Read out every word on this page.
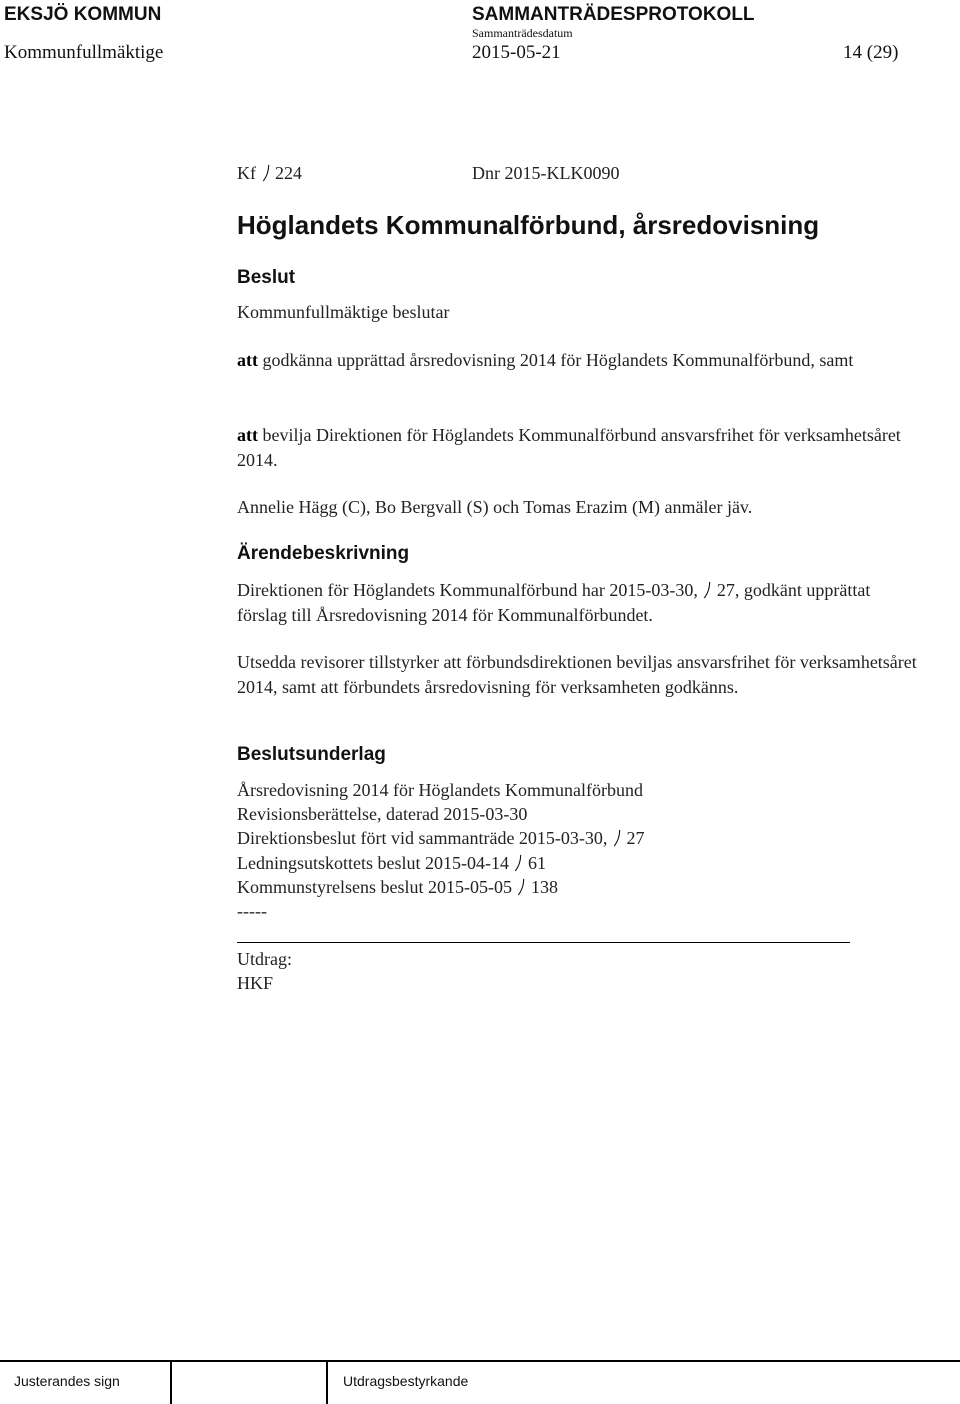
EKSJÖ KOMMUN	SAMMANTRÄDESPROTOKOLL
Sammanträdesdatum
Kommunfullmäktige	2015-05-21	14 (29)
Kf 224	Dnr 2015-KLK0090
Höglandets Kommunalförbund, årsredovisning
Beslut
Kommunfullmäktige beslutar
att godkänna upprättad årsredovisning 2014 för Höglandets Kommunalförbund, samt
att bevilja Direktionen för Höglandets Kommunalförbund ansvarsfrihet för verksamhetsåret 2014.
Annelie Hägg (C), Bo Bergvall (S) och Tomas Erazim (M) anmäler jäv.
Ärendebeskrivning
Direktionen för Höglandets Kommunalförbund har 2015-03-30, 27, godkänt upprättat förslag till Årsredovisning 2014 för Kommunalförbundet.
Utsedda revisorer tillstyrker att förbundsdirektionen beviljas ansvarsfrihet för verksamhetsåret 2014, samt att förbundets årsredovisning för verksamheten godkänns.
Beslutsunderlag
Årsredovisning 2014 för Höglandets Kommunalförbund
Revisionsberättelse, daterad 2015-03-30
Direktionsbeslut fört vid sammanträde 2015-03-30, 27
Ledningsutskottets beslut 2015-04-14 61
Kommunstyrelsens beslut 2015-05-05 138
-----
Utdrag:
HKF
Justerandes sign	Utdragsbestyrkande
